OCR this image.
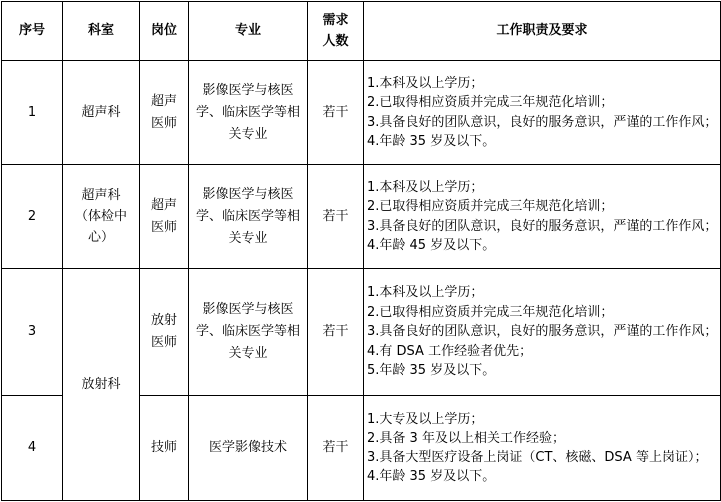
序号	科室	岗位	专业	需求人数	工作职责及要求
1	超声科	超声医师	影像医学与核医学、临床医学等相关专业	若干	1.本科及以上学历；
2.已取得相应资质并完成三年规范化培训；
3.具备良好的团队意识，良好的服务意识，严谨的工作作风；
4.年龄 35 岁及以下。

2	超声科（体检中心）	超声医师	影像医学与核医学、临床医学等相关专业	若干	1.本科及以上学历；
2.已取得相应资质并完成三年规范化培训；
3.具备良好的团队意识，良好的服务意识，严谨的工作作风；
4.年龄 45 岁及以下。

3	放射科	放射医师	影像医学与核医学、临床医学等相关专业	若干	1.本科及以上学历；
2.已取得相应资质并完成三年规范化培训；
3.具备良好的团队意识，良好的服务意识，严谨的工作作风；
4.有 DSA 工作经验者优先；
5.年龄 35 岁及以下。

4		技师	医学影像技术	若干	1.大专及以上学历；
2.具备 3 年及以上相关工作经验；
3.具备大型医疗设备上岗证（CT、核磁、DSA 等上岗证）；
4.年龄 35 岁及以下。
